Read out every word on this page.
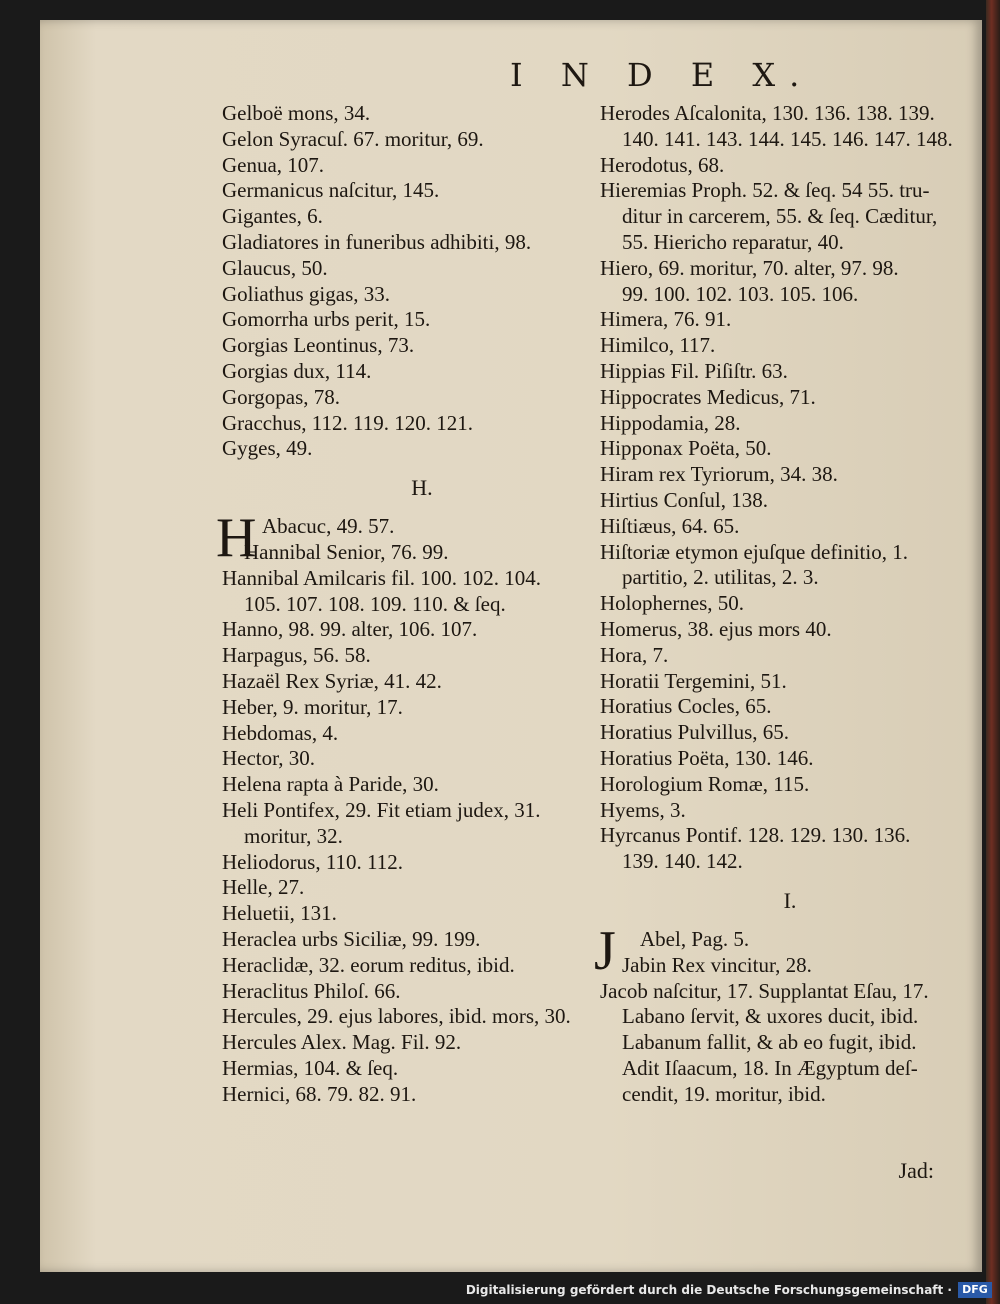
I N D E X.
Gelboë mons, 34.
Gelon Syracuſ. 67. moritur, 69.
Genua, 107.
Germanicus naſcitur, 145.
Gigantes, 6.
Gladiatores in funeribus adhibiti, 98.
Glaucus, 50.
Goliathus gigas, 33.
Gomorrha urbs perit, 15.
Gorgias Leontinus, 73.
Gorgias dux, 114.
Gorgopas, 78.
Gracchus, 112. 119. 120. 121.
Gyges, 49.
H.
H Abacuc, 49. 57.
Hannibal Senior, 76. 99.
Hannibal Amilcaris fil. 100. 102. 104.
105. 107. 108. 109. 110. & ſeq.
Hanno, 98. 99. alter, 106. 107.
Harpagus, 56. 58.
Hazaël Rex Syriæ, 41. 42.
Heber, 9. moritur, 17.
Hebdomas, 4.
Hector, 30.
Helena rapta à Paride, 30.
Heli Pontifex, 29. Fit etiam judex, 31.
moritur, 32.
Heliodorus, 110. 112.
Helle, 27.
Heluetii, 131.
Heraclea urbs Siciliæ, 99. 199.
Heraclidæ, 32. eorum reditus, ibid.
Heraclitus Philoſ. 66.
Hercules, 29. ejus labores, ibid. mors, 30.
Hercules Alex. Mag. Fil. 92.
Hermias, 104. & ſeq.
Hernici, 68. 79. 82. 91.
Herodes Aſcalonita, 130. 136. 138. 139.
140. 141. 143. 144. 145. 146. 147. 148.
Herodotus, 68.
Hieremias Proph. 52. & ſeq. 54 55. tru-
ditur in carcerem, 55. & ſeq. Cæditur,
55. Hiericho reparatur, 40.
Hiero, 69. moritur, 70. alter, 97. 98.
99. 100. 102. 103. 105. 106.
Himera, 76. 91.
Himilco, 117.
Hippias Fil. Piſiſtr. 63.
Hippocrates Medicus, 71.
Hippodamia, 28.
Hipponax Poëta, 50.
Hiram rex Tyriorum, 34. 38.
Hirtius Conſul, 138.
Hiſtiæus, 64. 65.
Hiſtoriæ etymon ejuſque definitio, 1.
partitio, 2. utilitas, 2. 3.
Holophernes, 50.
Homerus, 38. ejus mors 40.
Hora, 7.
Horatii Tergemini, 51.
Horatius Cocles, 65.
Horatius Pulvillus, 65.
Horatius Poëta, 130. 146.
Horologium Romæ, 115.
Hyems, 3.
Hyrcanus Pontif. 128. 129. 130. 136.
139. 140. 142.
I.
J Abel, Pag. 5.
Jabin Rex vincitur, 28.
Jacob naſcitur, 17. Supplantat Eſau, 17.
Labano ſervit, & uxores ducit, ibid.
Labanum fallit, & ab eo fugit, ibid.
Adit Iſaacum, 18. In Ægyptum deſ-
cendit, 19. moritur, ibid.
Jad:
Digitalisierung gefördert durch die Deutsche Forschungsgemeinschaft · DFG
